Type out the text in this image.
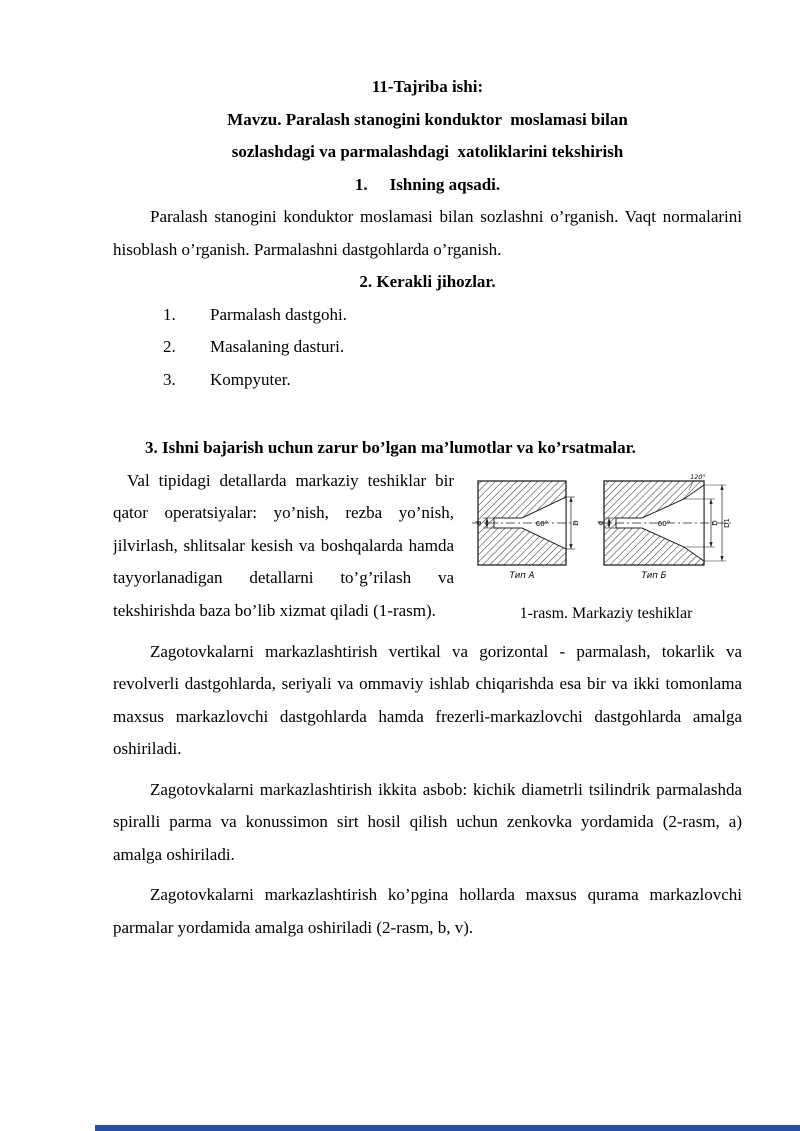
11-Tajriba ishi:
Mavzu. Paralash stanogini konduktor  moslamasi bilan
sozlashdagi va parmalashdagi  xatoliklarini tekshirish
1. Ishning aqsadi.

Paralash stanogini konduktor moslamasi bilan sozlashni o’rganish. Vaqt normalarini hisoblash o’rganish. Parmalashni dastgohlarda o’rganish.

2. Kerakli jihozlar.
1.	Parmalash dastgohi.
2.	Masalaning dasturi.
3.	Kompyuter.
3. Ishni bajarish uchun zarur bo’lgan ma’lumotlar va ko’rsatmalar.
d	60°	D
Тип А
d	60°
120°
D D1
Тип Б
1-rasm. Markaziy teshiklar

Val tipidagi detallarda markaziy teshiklar bir qator operatsiyalar: yo’nish, rezba yo’nish, jilvirlash, shlitsalar kesish va boshqalarda hamda tayyorlanadigan detallarni to’g’rilash va tekshirishda baza bo’lib xizmat qiladi (1-rasm).

Zagotovkalarni markazlashtirish vertikal va gorizontal - parmalash, tokarlik va revolverli dastgohlarda, seriyali va ommaviy ishlab chiqarishda esa bir va ikki tomonlama maxsus markazlovchi dastgohlarda hamda frezerli-markazlovchi dastgohlarda amalga oshiriladi.

Zagotovkalarni markazlashtirish ikkita asbob: kichik diametrli tsilindrik parmalashda spiralli parma va konussimon sirt hosil qilish uchun zenkovka yordamida (2-rasm, a) amalga oshiriladi.

Zagotovkalarni markazlashtirish ko’pgina hollarda maxsus qurama markazlovchi parmalar yordamida amalga oshiriladi (2-rasm, b, v).
